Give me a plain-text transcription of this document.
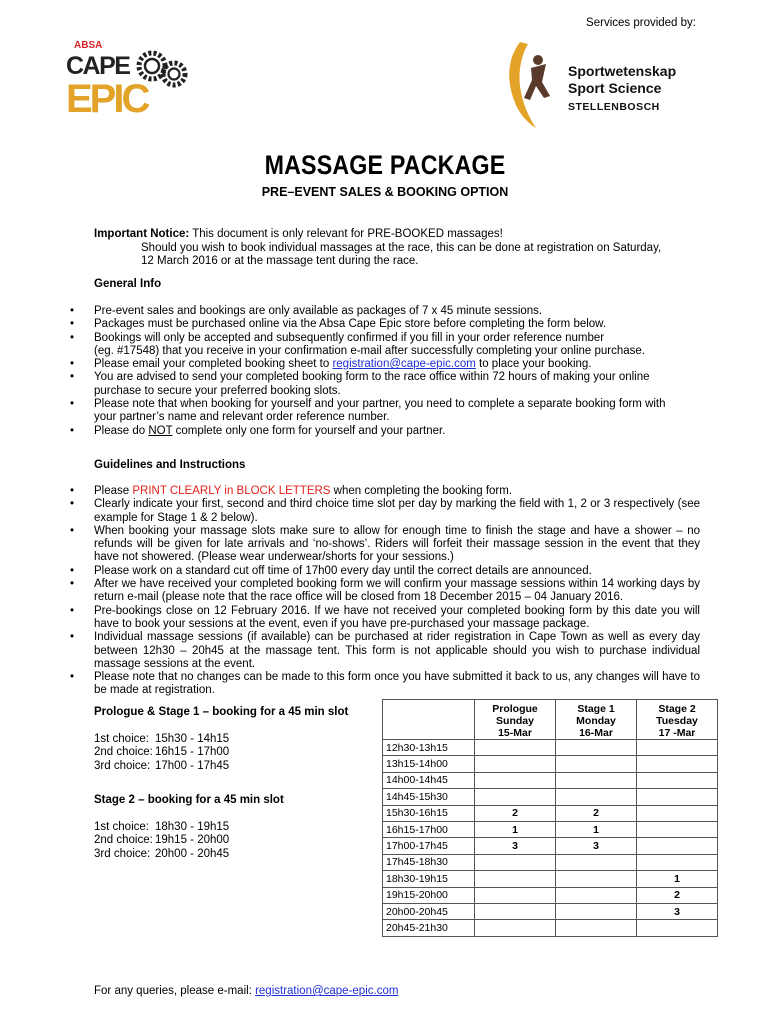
Services provided by:
ABSA
CAPE
EPIC
Sportwetenskap
Sport Science
STELLENBOSCH
MASSAGE PACKAGE
PRE–EVENT SALES & BOOKING OPTION
Important Notice: This document is only relevant for PRE-BOOKED massages!
Should you wish to book individual massages at the race, this can be done at registration on Saturday,
12 March 2016 or at the massage tent during the race.
General Info
• Pre-event sales and bookings are only available as packages of 7 x 45 minute sessions.
• Packages must be purchased online via the Absa Cape Epic store before completing the form below.
• Bookings will only be accepted and subsequently confirmed if you fill in your order reference number
(eg. #17548) that you receive in your confirmation e-mail after successfully completing your online purchase.
• Please email your completed booking sheet to registration@cape-epic.com to place your booking.
• You are advised to send your completed booking form to the race office within 72 hours of making your online
purchase to secure your preferred booking slots.
• Please note that when booking for yourself and your partner, you need to complete a separate booking form with
your partner’s name and relevant order reference number.
• Please do NOT complete only one form for yourself and your partner.
Guidelines and Instructions
• Please PRINT CLEARLY in BLOCK LETTERS when completing the booking form.
• Clearly indicate your first, second and third choice time slot per day by marking the field with 1, 2 or 3 respectively (see example for Stage 1 & 2 below).
• When booking your massage slots make sure to allow for enough time to finish the stage and have a shower – no refunds will be given for late arrivals and ‘no-shows’. Riders will forfeit their massage session in the event that they have not showered. (Please wear underwear/shorts for your sessions.)
• Please work on a standard cut off time of 17h00 every day until the correct details are announced.
• After we have received your completed booking form we will confirm your massage sessions within 14 working days by return e-mail (please note that the race office will be closed from 18 December 2015 – 04 January 2016.
• Pre-bookings close on 12 February 2016. If we have not received your completed booking form by this date you will have to book your sessions at the event, even if you have pre-purchased your massage package.
• Individual massage sessions (if available) can be purchased at rider registration in Cape Town as well as every day between 12h30 – 20h45 at the massage tent. This form is not applicable should you wish to purchase individual massage sessions at the event.
• Please note that no changes can be made to this form once you have submitted it back to us, any changes will have to be made at registration.
Prologue & Stage 1 – booking for a 45 min slot
1st choice: 15h30 - 14h15
2nd choice: 16h15 - 17h00
3rd choice: 17h00 - 17h45
Stage 2 – booking for a 45 min slot
1st choice: 18h30 - 19h15
2nd choice: 19h15 - 20h00
3rd choice: 20h00 - 20h45
	Prologue
Sunday
15-Mar	Stage 1
Monday
16-Mar	Stage 2
Tuesday
17 -Mar
12h30-13h15			
13h15-14h00			
14h00-14h45			
14h45-15h30			
15h30-16h15	2	2	
16h15-17h00	1	1	
17h00-17h45	3	3	
17h45-18h30			
18h30-19h15			1
19h15-20h00			2
20h00-20h45			3
20h45-21h30			
For any queries, please e-mail: registration@cape-epic.com
